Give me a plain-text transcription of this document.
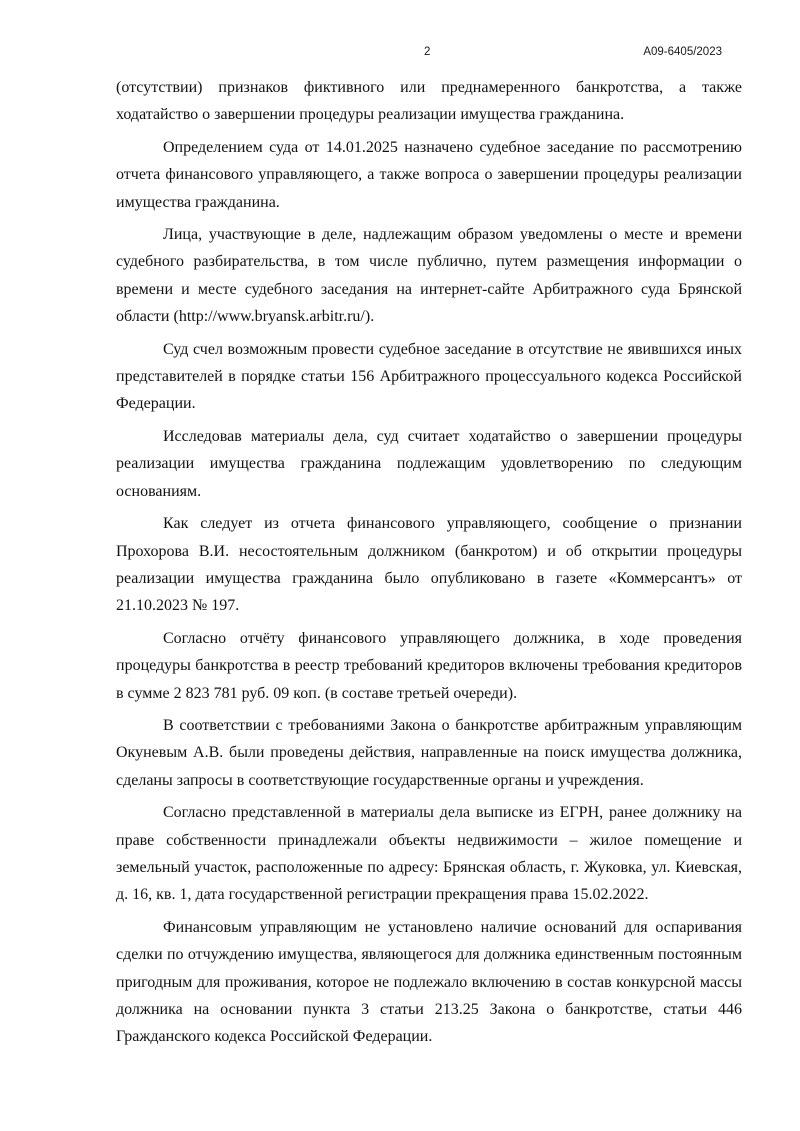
2	А09-6405/2023

(отсутствии) признаков фиктивного или преднамеренного банкротства, а также ходатайство о завершении процедуры реализации имущества гражданина.

Определением суда от 14.01.2025 назначено судебное заседание по рассмотрению отчета финансового управляющего, а также вопроса о завершении процедуры реализации имущества гражданина.

Лица, участвующие в деле, надлежащим образом уведомлены о месте и времени судебного разбирательства, в том числе публично, путем размещения информации о времени и месте судебного заседания на интернет-сайте Арбитражного суда Брянской области (http://www.bryansk.arbitr.ru/).

Суд счел возможным провести судебное заседание в отсутствие не явившихся иных представителей в порядке статьи 156 Арбитражного процессуального кодекса Российской Федерации.

Исследовав материалы дела, суд считает ходатайство о завершении процедуры реализации имущества гражданина подлежащим удовлетворению по следующим основаниям.

Как следует из отчета финансового управляющего, сообщение о признании Прохорова В.И. несостоятельным должником (банкротом) и об открытии процедуры реализации имущества гражданина было опубликовано в газете «Коммерсантъ» от 21.10.2023 № 197.

Согласно отчёту финансового управляющего должника, в ходе проведения процедуры банкротства в реестр требований кредиторов включены требования кредиторов в сумме 2 823 781 руб. 09 коп. (в составе третьей очереди).

В соответствии с требованиями Закона о банкротстве арбитражным управляющим Окуневым А.В. были проведены действия, направленные на поиск имущества должника, сделаны запросы в соответствующие государственные органы и учреждения.

Согласно представленной в материалы дела выписке из ЕГРН, ранее должнику на праве собственности принадлежали объекты недвижимости – жилое помещение и земельный участок, расположенные по адресу: Брянская область, г. Жуковка, ул. Киевская, д. 16, кв. 1, дата государственной регистрации прекращения права 15.02.2022.

Финансовым управляющим не установлено наличие оснований для оспаривания сделки по отчуждению имущества, являющегося для должника единственным постоянным пригодным для проживания, которое не подлежало включению в состав конкурсной массы должника на основании пункта 3 статьи 213.25 Закона о банкротстве, статьи 446 Гражданского кодекса Российской Федерации.
